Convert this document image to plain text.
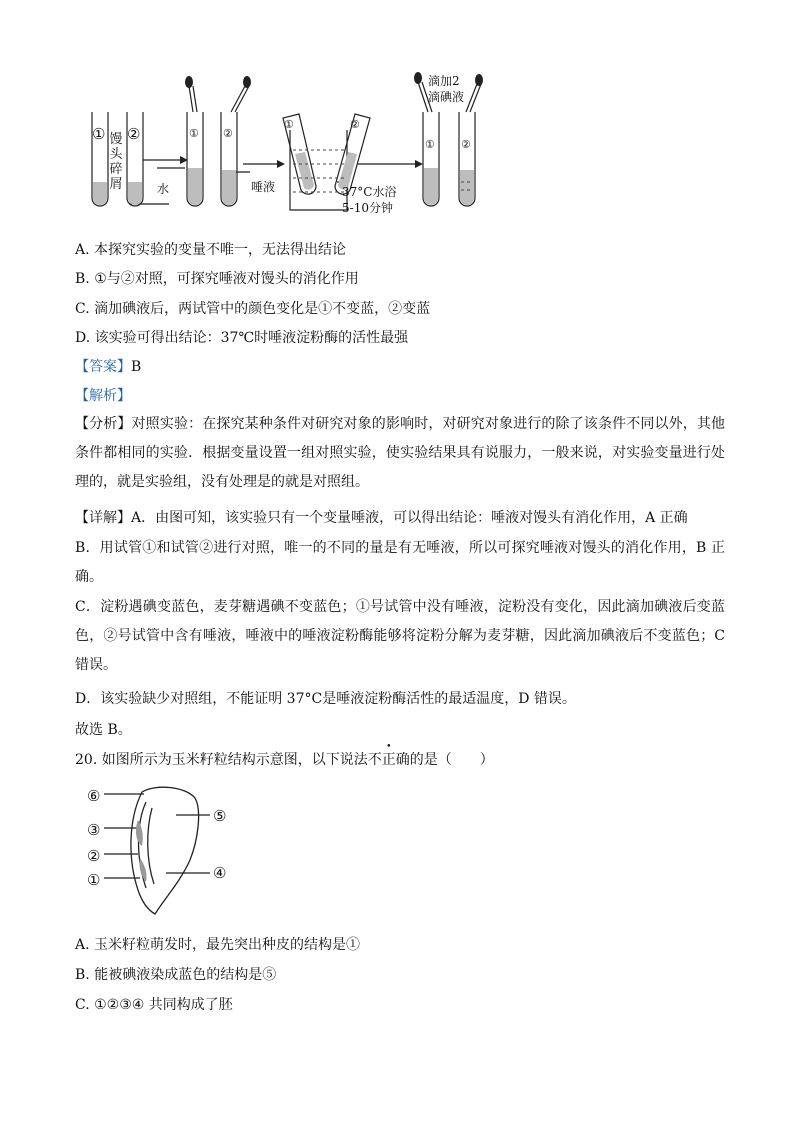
① ②
馒头碎屑	水	唾液	37°C水浴
5-10分钟
滴加2
滴碘液
① ②
①	②
① ②
A. 本探究实验的变量不唯一，无法得出结论
B. ①与②对照，可探究唾液对馒头的消化作用
C. 滴加碘液后，两试管中的颜色变化是①不变蓝，②变蓝
D. 该实验可得出结论：37℃时唾液淀粉酶的活性最强
【答案】B
【解析】
【分析】对照实验：在探究某种条件对研究对象的影响时，对研究对象进行的除了该条件不同以外，其他条件都相同的实验．根据变量设置一组对照实验，使实验结果具有说服力，一般来说，对实验变量进行处理的，就是实验组，没有处理是的就是对照组。
【详解】A．由图可知，该实验只有一个变量唾液，可以得出结论：唾液对馒头有消化作用，A 正确
B．用试管①和试管②进行对照，唯一的不同的量是有无唾液，所以可探究唾液对馒头的消化作用，B 正确。
C．淀粉遇碘变蓝色，麦芽糖遇碘不变蓝色；①号试管中没有唾液，淀粉没有变化，因此滴加碘液后变蓝色，②号试管中含有唾液，唾液中的唾液淀粉酶能够将淀粉分解为麦芽糖，因此滴加碘液后不变蓝色；C 错误。
D．该实验缺少对照组，不能证明 37°C是唾液淀粉酶活性的最适温度，D 错误。
故选 B。
20. 如图所示为玉米籽粒结构示意图，以下说法不正确的是（　　）
⑥
③
②
①
⑤
④
A. 玉米籽粒萌发时，最先突出种皮的结构是①
B. 能被碘液染成蓝色的结构是⑤
C. ①②③④ 共同构成了胚
